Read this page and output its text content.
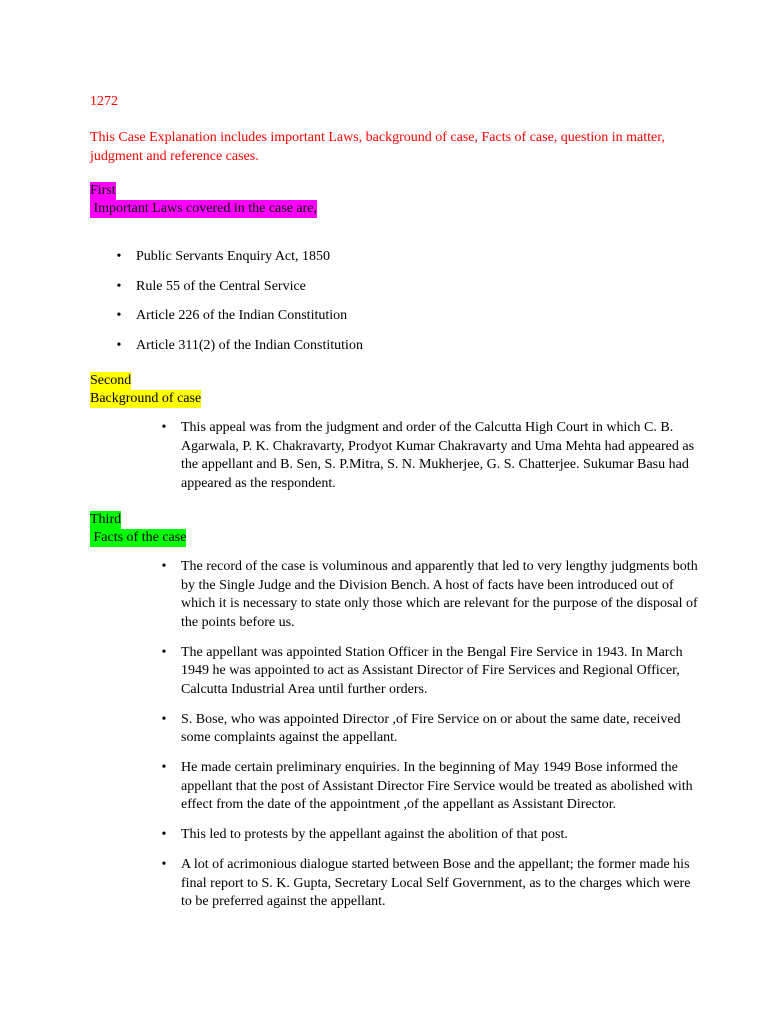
1272
This Case Explanation includes important Laws, background of case, Facts of case, question in matter, judgment and reference cases.
First
Important Laws covered in the case are,
• Public Servants Enquiry Act, 1850
• Rule 55 of the Central Service
• Article 226 of the Indian Constitution
• Article 311(2) of the Indian Constitution
Second
Background of case
• This appeal was from the judgment and order of the Calcutta High Court in which C. B. Agarwala, P. K. Chakravarty, Prodyot Kumar Chakravarty and Uma Mehta had appeared as the appellant and B. Sen, S. P.Mitra, S. N. Mukherjee, G. S. Chatterjee. Sukumar Basu had appeared as the respondent.
Third
Facts of the case
• The record of the case is voluminous and apparently that led to very lengthy judgments both by the Single Judge and the Division Bench. A host of facts have been introduced out of which it is necessary to state only those which are relevant for the purpose of the disposal of the points before us.
• The appellant was appointed Station Officer in the Bengal Fire Service in 1943. In March 1949 he was appointed to act as Assistant Director of Fire Services and Regional Officer, Calcutta Industrial Area until further orders.
• S. Bose, who was appointed Director ,of Fire Service on or about the same date, received some complaints against the appellant.
• He made certain preliminary enquiries. In the beginning of May 1949 Bose informed the appellant that the post of Assistant Director Fire Service would be treated as abolished with effect from the date of the appointment ,of the appellant as Assistant Director.
• This led to protests by the appellant against the abolition of that post.
• A lot of acrimonious dialogue started between Bose and the appellant; the former made his final report to S. K. Gupta, Secretary Local Self Government, as to the charges which were to be preferred against the appellant.
